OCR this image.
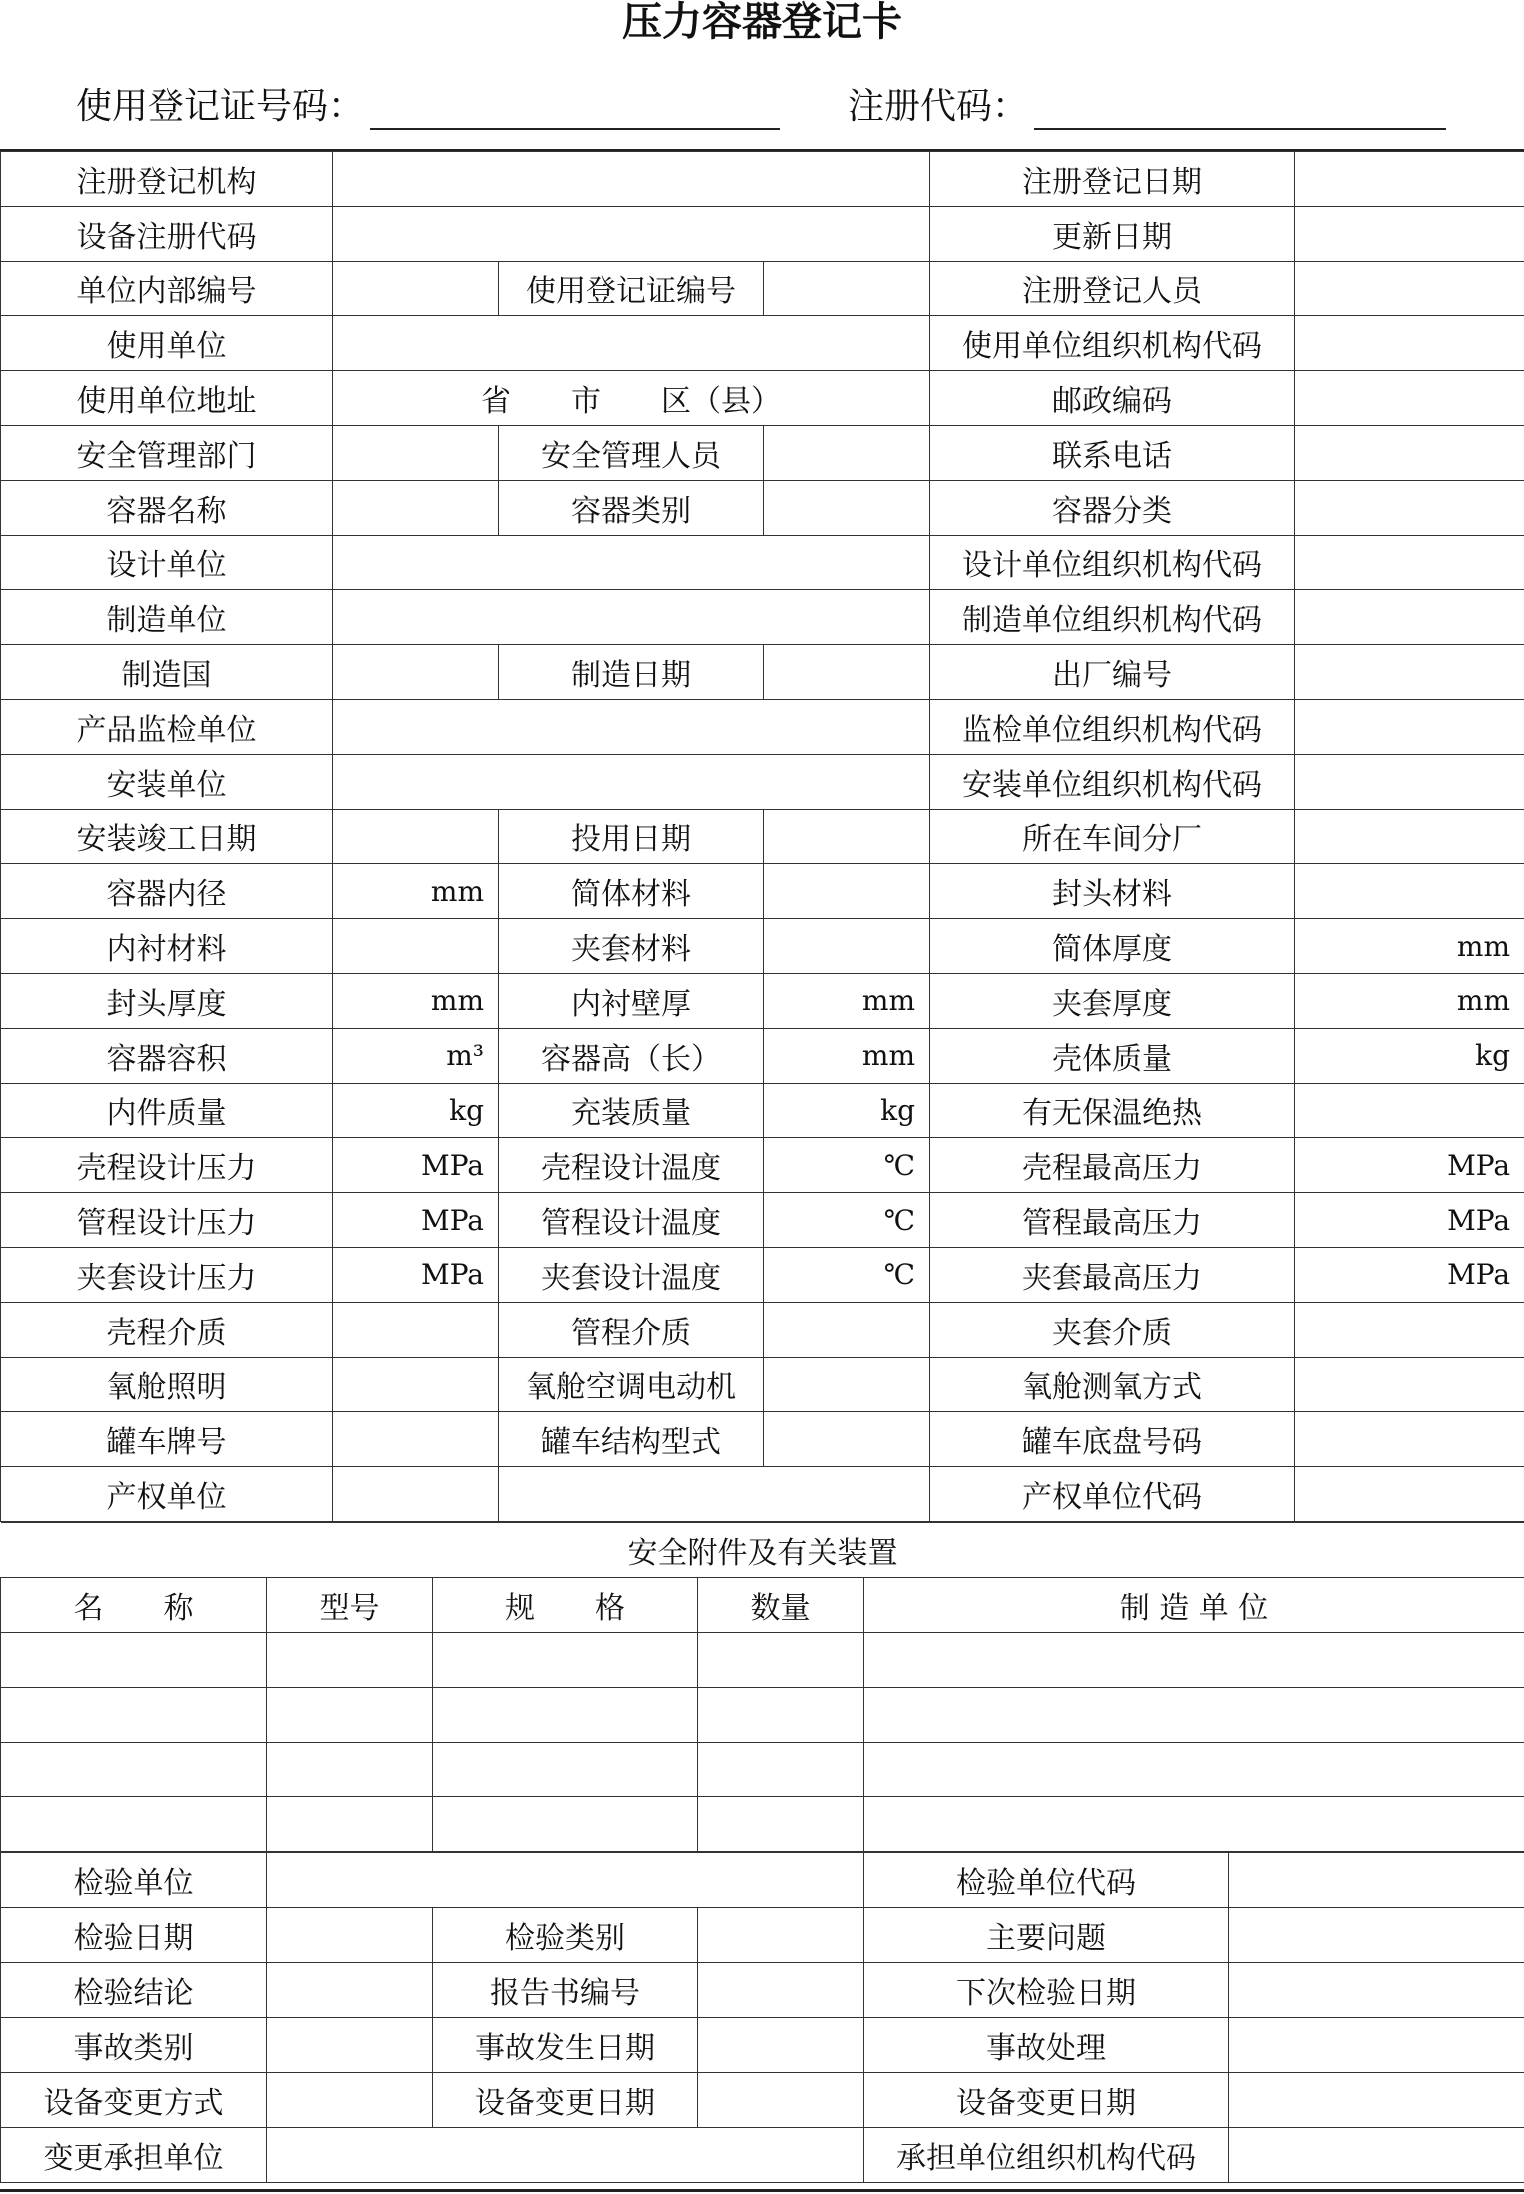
压力容器登记卡
使用登记证号码：	注册代码：
注册登记机构				注册登记日期	
设备注册代码				更新日期	
单位内部编号		使用登记证编号		注册登记人员	
使用单位				使用单位组织机构代码	
使用单位地址	省　　市　　区（县）			邮政编码	
安全管理部门		安全管理人员		联系电话	
容器名称		容器类别		容器分类	
设计单位				设计单位组织机构代码	
制造单位				制造单位组织机构代码	
制造国		制造日期		出厂编号	
产品监检单位				监检单位组织机构代码	
安装单位				安装单位组织机构代码	
安装竣工日期		投用日期		所在车间分厂	
容器内径	mm	简体材料		封头材料	
内衬材料		夹套材料		简体厚度	mm
封头厚度	mm	内衬壁厚	mm	夹套厚度	mm
容器容积	m³	容器高（长）	mm	壳体质量	kg
内件质量	kg	充装质量	kg	有无保温绝热	
壳程设计压力	MPa	壳程设计温度	℃	壳程最高压力	MPa
管程设计压力	MPa	管程设计温度	℃	管程最高压力	MPa
夹套设计压力	MPa	夹套设计温度	℃	夹套最高压力	MPa
壳程介质		管程介质		夹套介质	
氧舱照明		氧舱空调电动机		氧舱测氧方式	
罐车牌号		罐车结构型式		罐车底盘号码	
产权单位				产权单位代码	
安全附件及有关装置				
名　　称	型号	规　　格	数量	制 造 单 位

检验单位				检验单位代码	
检验日期		检验类别		主要问题	
检验结论		报告书编号		下次检验日期	
事故类别		事故发生日期		事故处理	
设备变更方式		设备变更日期		设备变更日期	
变更承担单位				承担单位组织机构代码	
